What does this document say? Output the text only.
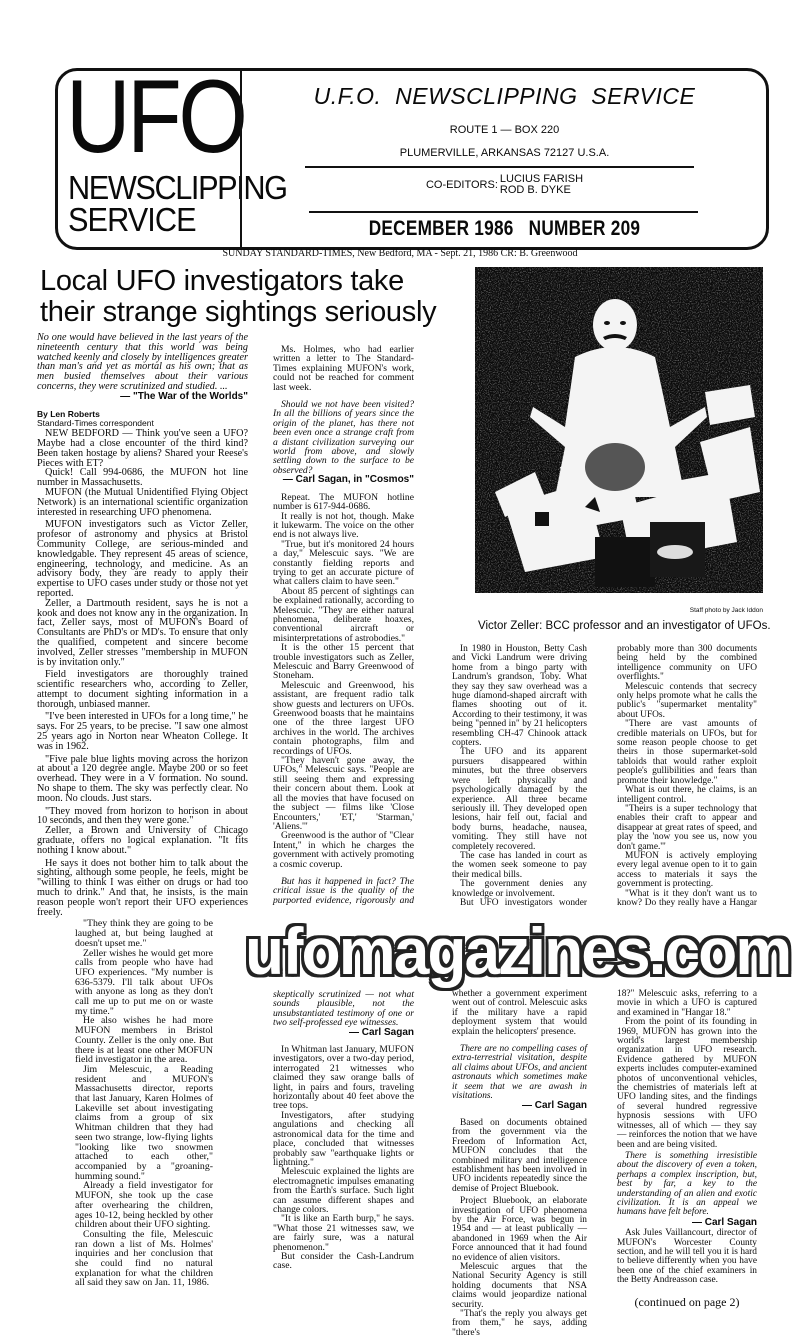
UFO
NEWSCLIPPING
SERVICE
U.F.O.  NEWSCLIPPING  SERVICE
ROUTE 1 — BOX 220
PLUMERVILLE, ARKANSAS 72127 U.S.A.
CO-EDITORS: LUCIUS FARISH
ROD B. DYKE
DECEMBER 1986   NUMBER 209
SUNDAY STANDARD-TIMES, New Bedford, MA - Sept. 21, 1986 CR: B. Greenwood
Local UFO investigators take their strange sightings seriously

No one would have believed in the last years of the nineteenth century that this world was being watched keenly and closely by intelligences greater than man's and yet as mortal as his own; that as men busied themselves about their various concerns, they were scrutinized and studied. ...

— "The War of the Worlds"

By Len Roberts

Standard-Times correspondent

NEW BEDFORD — Think you've seen a UFO? Maybe had a close encounter of the third kind? Been taken hostage by aliens? Shared your Reese's Pieces with ET?

Quick! Call 994-0686, the MUFON hot line number in Massachusetts.

MUFON (the Mutual Unidentified Flying Object Network) is an international scientific organization interested in researching UFO phenomena.

MUFON investigators such as Victor Zeller, profesor of astronomy and physics at Bristol Community College, are serious-minded and knowledgable. They represent 45 areas of science, engineering, technology, and medicine. As an advisory body, they are ready to apply their expertise to UFO cases under study or those not yet reported.

Zeller, a Dartmouth resident, says he is not a kook and does not know any in the organization. In fact, Zeller says, most of MUFON's Board of Consultants are PhD's or MD's. To ensure that only the qualified, competent and sincere become involved, Zeller stresses "membership in MUFON is by invitation only."

Field investigators are thoroughly trained scientific researchers who, according to Zeller, attempt to document sighting information in a thorough, unbiased manner.

"I've been interested in UFOs for a long time," he says. For 25 years, to be precise. "I saw one almost 25 years ago in Norton near Wheaton College. It was in 1962.

"Five pale blue lights moving across the horizon at about a 120 degree angle. Maybe 200 or so feet overhead. They were in a V formation. No sound. No shape to them. The sky was perfectly clear. No moon. No clouds. Just stars.

"They moved from horizon to horison in about 10 seconds, and then they were gone."

Zeller, a Brown and University of Chicago graduate, offers no logical explanation. "It fits nothing I know about."

He says it does not bother him to talk about the sighting, although some people, he feels, might be "willing to think I was either on drugs or had too much to drink." And that, he insists, is the main reason people won't report their UFO experiences freely.

"They think they are going to be laughed at, but being laughed at doesn't upset me."

Zeller wishes he would get more calls from people who have had UFO experiences. "My number is 636-5379. I'll talk about UFOs with anyone as long as they don't call me up to put me on or waste my time."

He also wishes he had more MUFON members in Bristol County. Zeller is the only one. But there is at least one other MOFUN field investigator in the area.

Jim Melescuic, a Reading resident and MUFON's Massachusetts director, reports that last January, Karen Holmes of Lakeville set about investigating claims from a group of six Whitman children that they had seen two strange, low-flying lights "looking like two snowmen attached to each other," accompanied by a "groaning-humming sound."

Already a field investigator for MUFON, she took up the case after overhearing the children, ages 10-12, being heckled by other children about their UFO sighting.

Consulting the file, Melescuic ran down a list of Ms. Holmes' inquiries and her conclusion that she could find no natural explanation for what the children all said they saw on Jan. 11, 1986.

Ms. Holmes, who had earlier written a letter to The Standard-Times explaining MUFON's work, could not be reached for comment last week.

Should we not have been visited? In all the billions of years since the origin of the planet, has there not been even once a strange craft from a distant civilization surveying our world from above, and slowly settling down to the surface to be observed?

— Carl Sagan, in "Cosmos"

Repeat. The MUFON hotline number is 617-944-0686.

It really is not hot, though. Make it lukewarm. The voice on the other end is not always live.

"True, but it's monitored 24 hours a day," Melescuic says. "We are constantly fielding reports and trying to get an accurate picture of what callers claim to have seen."

About 85 percent of sightings can be explained rationally, according to Melescuic. "They are either natural phenomena, deliberate hoaxes, conventional aircraft or misinterpretations of astrobodies."

It is the other 15 percent that trouble investigators such as Zeller, Melescuic and Barry Greenwood of Stoneham.

Melescuic and Greenwood, his assistant, are frequent radio talk show guests and lecturers on UFOs. Greenwood boasts that he maintains one of the three largest UFO archives in the world. The archives contain photographs, film and recordings of UFOs.

"They haven't gone away, the UFOs," Melescuic says. "People are still seeing them and expressing their concern about them. Look at all the movies that have focused on the subject — films like 'Close Encounters,' 'ET,' 'Starman,' 'Aliens.'"

Greenwood is the author of "Clear Intent," in which he charges the government with actively promoting a cosmic coverup.

But has it happened in fact? The critical issue is the quality of the purported evidence, rigorously and skeptically scrutinized — not what sounds plausible, not the unsubstantiated testimony of one or two self-professed eye witnesses.

— Carl Sagan

In Whitman last January, MUFON investigators, over a two-day period, interrogated 21 witnesses who claimed they saw orange balls of light, in pairs and fours, traveling horizontally about 40 feet above the tree tops.

Investigators, after studying angulations and checking all astronomical data for the time and place, concluded that witnesses probably saw "earthquake lights or lightning."

Melescuic explained the lights are electromagnetic impulses emanating from the Earth's surface. Such light can assume different shapes and change colors.

"It is like an Earth burp," he says. "What those 21 witnesses saw, we are fairly sure, was a natural phenomenon."

But consider the Cash-Landrum case.

Staff photo by Jack Iddon
Victor Zeller: BCC professor and an investigator of UFOs.

In 1980 in Houston, Betty Cash and Vicki Landrum were driving home from a bingo party with Landrum's grandson, Toby. What they say they saw overhead was a huge diamond-shaped aircraft with flames shooting out of it. According to their testimony, it was being "penned in" by 21 helicopters resembling CH-47 Chinook attack copters.

The UFO and its apparent pursuers disappeared within minutes, but the three observers were left physically and psychologically damaged by the experience. All three became seriously ill. They developed open lesions, hair fell out, facial and body burns, headache, nausea, vomiting. They still have not completely recovered.

The case has landed in court as the women seek someone to pay their medical bills.

The government denies any knowledge or involvement.

But UFO investigators wonder whether a government experiment went out of control. Melescuic asks if the military have a rapid deployment system that would explain the helicopters' presence.

There are no compelling cases of extra-terrestrial visitation, despite all claims about UFOs, and ancient astronauts which sometimes make it seem that we are awash in visitations.

— Carl Sagan

Based on documents obtained from the government via the Freedom of Information Act, MUFON concludes that the combined military and intelligence establishment has been involved in UFO incidents repeatedly since the demise of Project Bluebook.

Project Bluebook, an elaborate investigation of UFO phenomena by the Air Force, was begun in 1954 and — at least publically — abandoned in 1969 when the Air Force announced that it had found no evidence of alien visitors.

Melescuic argues that the National Security Agency is still holding documents that NSA claims would jeopardize national security.

"That's the reply you always get from them," he says, adding "there's

probably more than 300 documents being held by the combined intelligence community on UFO overflights."

Melescuic contends that secrecy only helps promote what he calls the public's "supermarket mentality" about UFOs.

"There are vast amounts of credible materials on UFOs, but for some reason people choose to get theirs in those supermarket-sold tabloids that would rather exploit people's gullibilities and fears than promote their knowledge."

What is out there, he claims, is an intelligent control.

"Theirs is a super technology that enables their craft to appear and disappear at great rates of speed, and play the 'now you see us, now you don't game.'"

MUFON is actively employing every legal avenue open to it to gain access to materials it says the government is protecting.

"What is it they don't want us to know? Do they really have a Hangar 18?" Melescuic asks, referring to a movie in which a UFO is captured and examined in "Hangar 18."

From the point of its founding in 1969, MUFON has grown into the world's largest membership organization in UFO research. Evidence gathered by MUFON experts includes computer-examined photos of unconventional vehicles, the chemistries of materials left at UFO landing sites, and the findings of several hundred regressive hypnosis sessions with UFO witnesses, all of which — they say — reinforces the notion that we have been and are being visited.

There is something irresistible about the discovery of even a token, perhaps a complex inscription, but, best by far, a key to the understanding of an alien and exotic civilization. It is an appeal we humans have felt before.

— Carl Sagan

Ask Jules Vaillancourt, director of MUFON's Worcester County section, and he will tell you it is hard to believe differently when you have been one of the chief examiners in the Betty Andreasson case.

(continued on page 2)

ufomagazines.com
